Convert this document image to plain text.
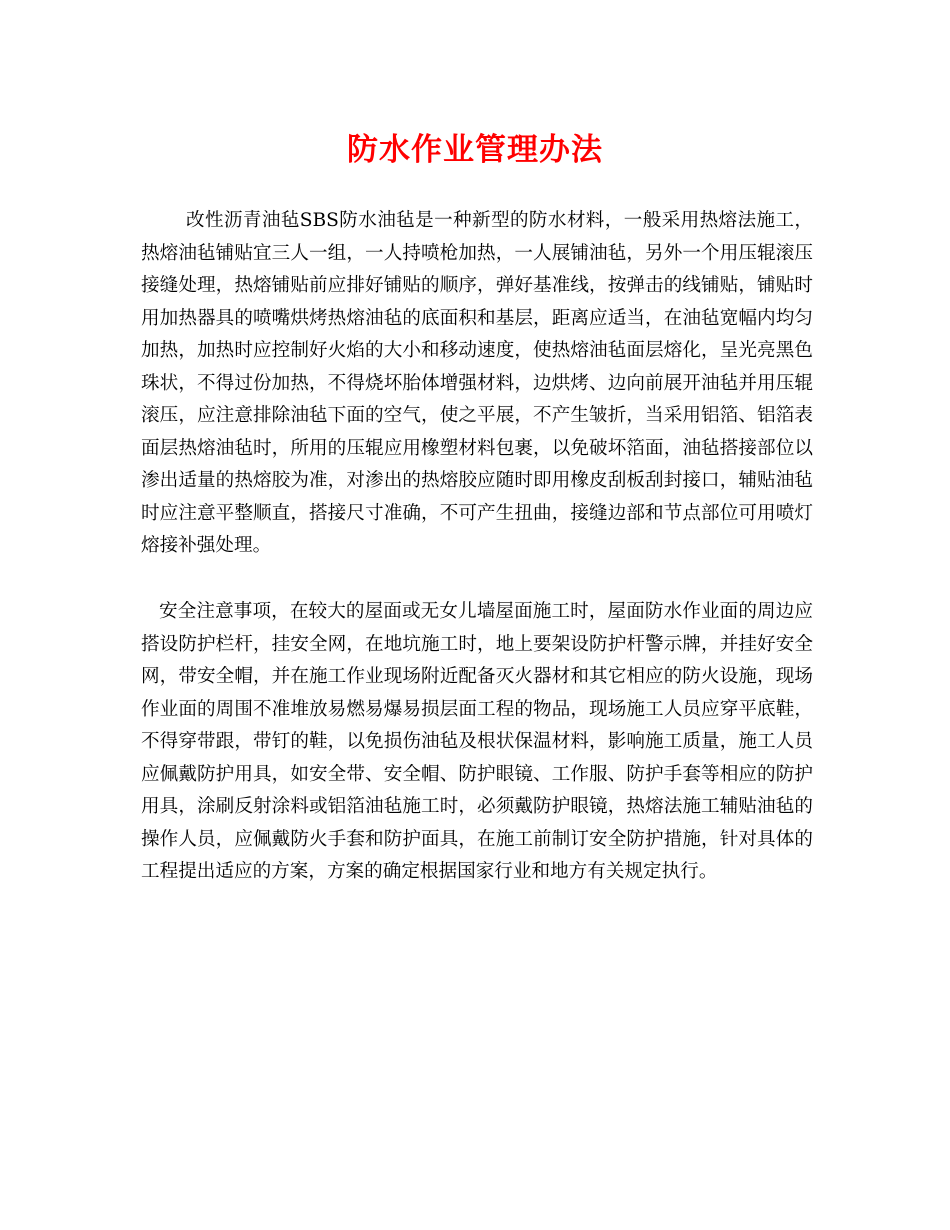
防水作业管理办法

改性沥青油毡SBS防水油毡是一种新型的防水材料，一般采用热熔法施工，热熔油毡铺贴宜三人一组，一人持喷枪加热，一人展铺油毡，另外一个用压辊滚压接缝处理，热熔铺贴前应排好铺贴的顺序，弹好基准线，按弹击的线铺贴，铺贴时用加热器具的喷嘴烘烤热熔油毡的底面积和基层，距离应适当，在油毡宽幅内均匀加热，加热时应控制好火焰的大小和移动速度，使热熔油毡面层熔化，呈光亮黑色珠状，不得过份加热，不得烧坏胎体增强材料，边烘烤、边向前展开油毡并用压辊滚压，应注意排除油毡下面的空气，使之平展，不产生皱折，当采用铝箔、铝箔表面层热熔油毡时，所用的压辊应用橡塑材料包裹，以免破坏箔面，油毡搭接部位以渗出适量的热熔胶为准，对渗出的热熔胶应随时即用橡皮刮板刮封接口，辅贴油毡时应注意平整顺直，搭接尺寸准确，不可产生扭曲，接缝边部和节点部位可用喷灯熔接补强处理。

安全注意事项，在较大的屋面或无女儿墙屋面施工时，屋面防水作业面的周边应搭设防护栏杆，挂安全网，在地坑施工时，地上要架设防护杆警示牌，并挂好安全网，带安全帽，并在施工作业现场附近配备灭火器材和其它相应的防火设施，现场作业面的周围不准堆放易燃易爆易损层面工程的物品，现场施工人员应穿平底鞋，不得穿带跟，带钉的鞋，以免损伤油毡及根状保温材料，影响施工质量，施工人员应佩戴防护用具，如安全带、安全帽、防护眼镜、工作服、防护手套等相应的防护用具，涂刷反射涂料或铝箔油毡施工时，必须戴防护眼镜，热熔法施工辅贴油毡的操作人员，应佩戴防火手套和防护面具，在施工前制订安全防护措施，针对具体的工程提出适应的方案，方案的确定根据国家行业和地方有关规定执行。
